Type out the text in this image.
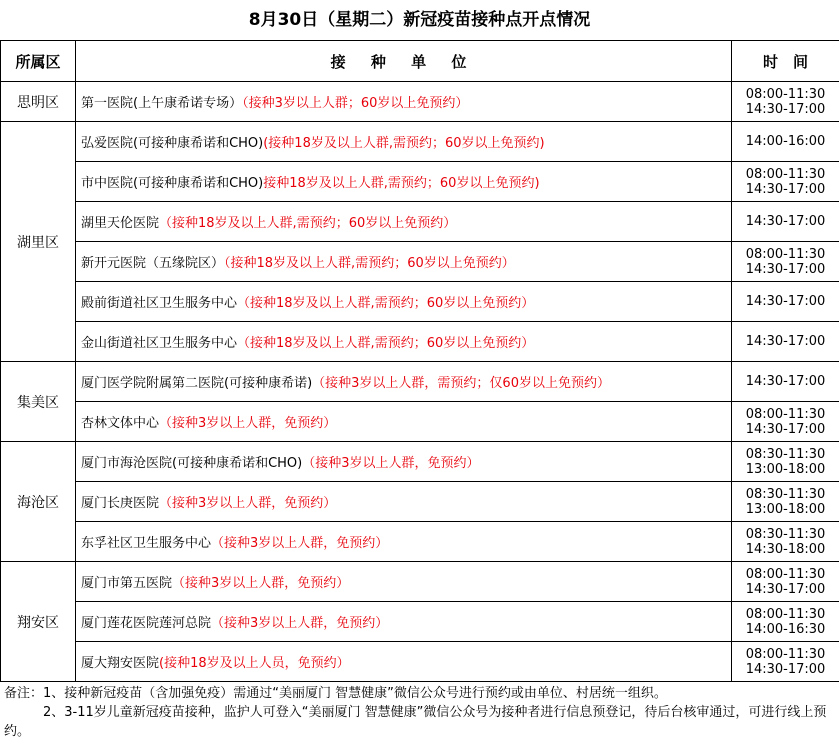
8月30日（星期二）新冠疫苗接种点开点情况
所属区	接 种 单 位	时　间
思明区	第一医院(上午康希诺专场）（接种3岁以上人群；60岁以上免预约）	08:00-11:30
14:30-17:00

湖里区	弘爱医院(可接种康希诺和CHO)(接种18岁及以上人群,需预约；60岁以上免预约)	14:00-16:00

	市中医院(可接种康希诺和CHO)接种18岁及以上人群,需预约；60岁以上免预约)	08:00-11:30
14:30-17:00

	湖里天伦医院（接种18岁及以上人群,需预约；60岁以上免预约）	14:30-17:00

	新开元医院（五缘院区）（接种18岁及以上人群,需预约；60岁以上免预约）	08:00-11:30
14:30-17:00

	殿前街道社区卫生服务中心（接种18岁及以上人群,需预约；60岁以上免预约）	14:30-17:00

	金山街道社区卫生服务中心（接种18岁及以上人群,需预约；60岁以上免预约）	14:30-17:00

集美区	厦门医学院附属第二医院(可接种康希诺)（接种3岁以上人群，需预约；仅60岁以上免预约）	14:30-17:00

	杏林文体中心（接种3岁以上人群，免预约）	08:00-11:30
14:30-17:00

海沧区	厦门市海沧医院(可接种康希诺和CHO)（接种3岁以上人群，免预约）	08:30-11:30
13:00-18:00

	厦门长庚医院（接种3岁以上人群，免预约）	08:30-11:30
13:00-18:00

	东孚社区卫生服务中心（接种3岁以上人群，免预约）	08:30-11:30
14:30-18:00

翔安区	厦门市第五医院（接种3岁以上人群，免预约）	08:00-11:30
14:30-17:00

	厦门莲花医院莲河总院（接种3岁以上人群，免预约）	08:00-11:30
14:00-16:30

	厦大翔安医院(接种18岁及以上人员，免预约）	08:00-11:30
14:30-17:00

备注：1、接种新冠疫苗（含加强免疫）需通过“美丽厦门 智慧健康”微信公众号进行预约或由单位、村居统一组织。

　　　2、3-11岁儿童新冠疫苗接种，监护人可登入“美丽厦门 智慧健康”微信公众号为接种者进行信息预登记，待后台核审通过，可进行线上预约。
